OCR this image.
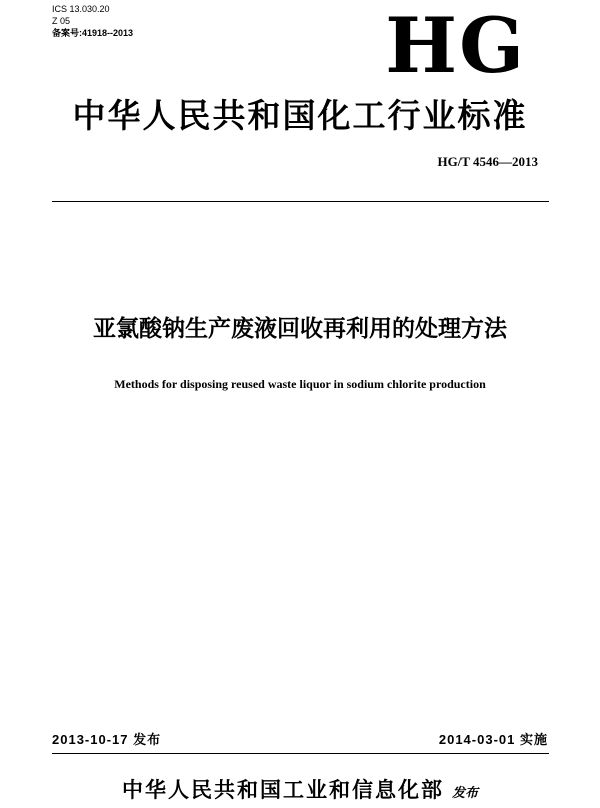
ICS 13.030.20
Z 05
备案号:41918--2013	HG
中华人民共和国化工行业标准
HG/T 4546—2013
亚氯酸钠生产废液回收再利用的处理方法
Methods for disposing reused waste liquor in sodium chlorite production
2013-10-17 发布	2014-03-01 实施
中华人民共和国工业和信息化部 发布
